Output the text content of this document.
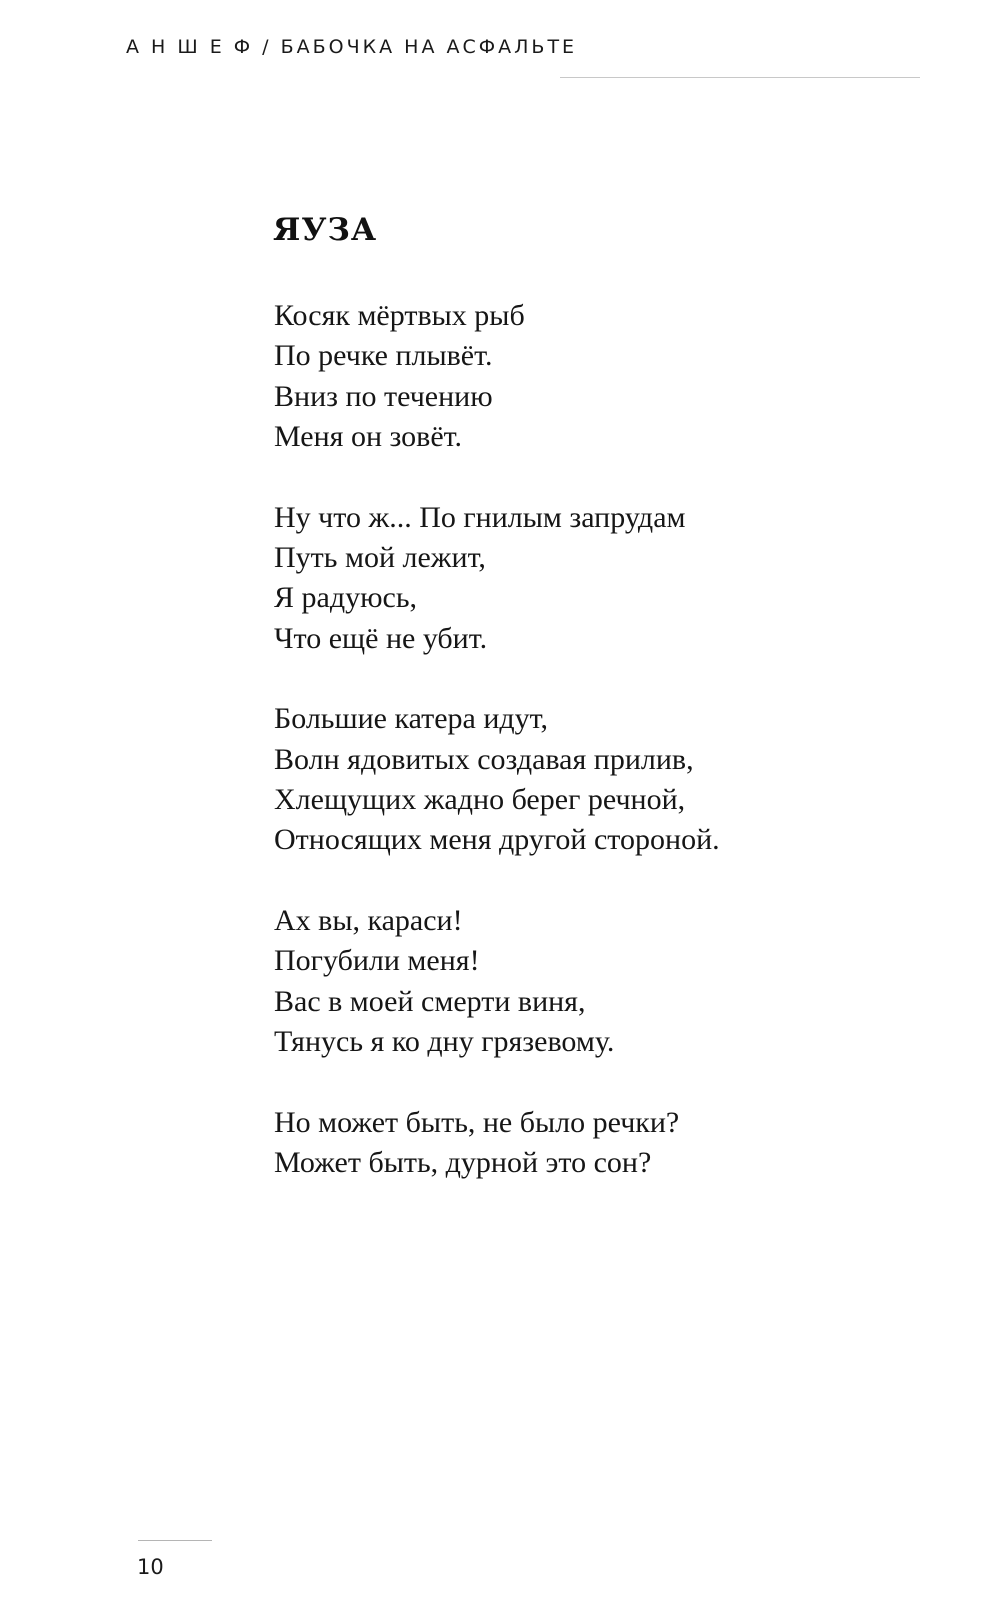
А Н Ш Е Ф / БАБОЧКА НА АСФАЛЬТЕ
ЯУЗА
Косяк мёртвых рыб
По речке плывёт.
Вниз по течению
Меня он зовёт.
Ну что ж... По гнилым запрудам
Путь мой лежит,
Я радуюсь,
Что ещё не убит.
Большие катера идут,
Волн ядовитых создавая прилив,
Хлещущих жадно берег речной,
Относящих меня другой стороной.
Ах вы, караси!
Погубили меня!
Вас в моей смерти виня,
Тянусь я ко дну грязевому.
Но может быть, не было речки?
Может быть, дурной это сон?
10
